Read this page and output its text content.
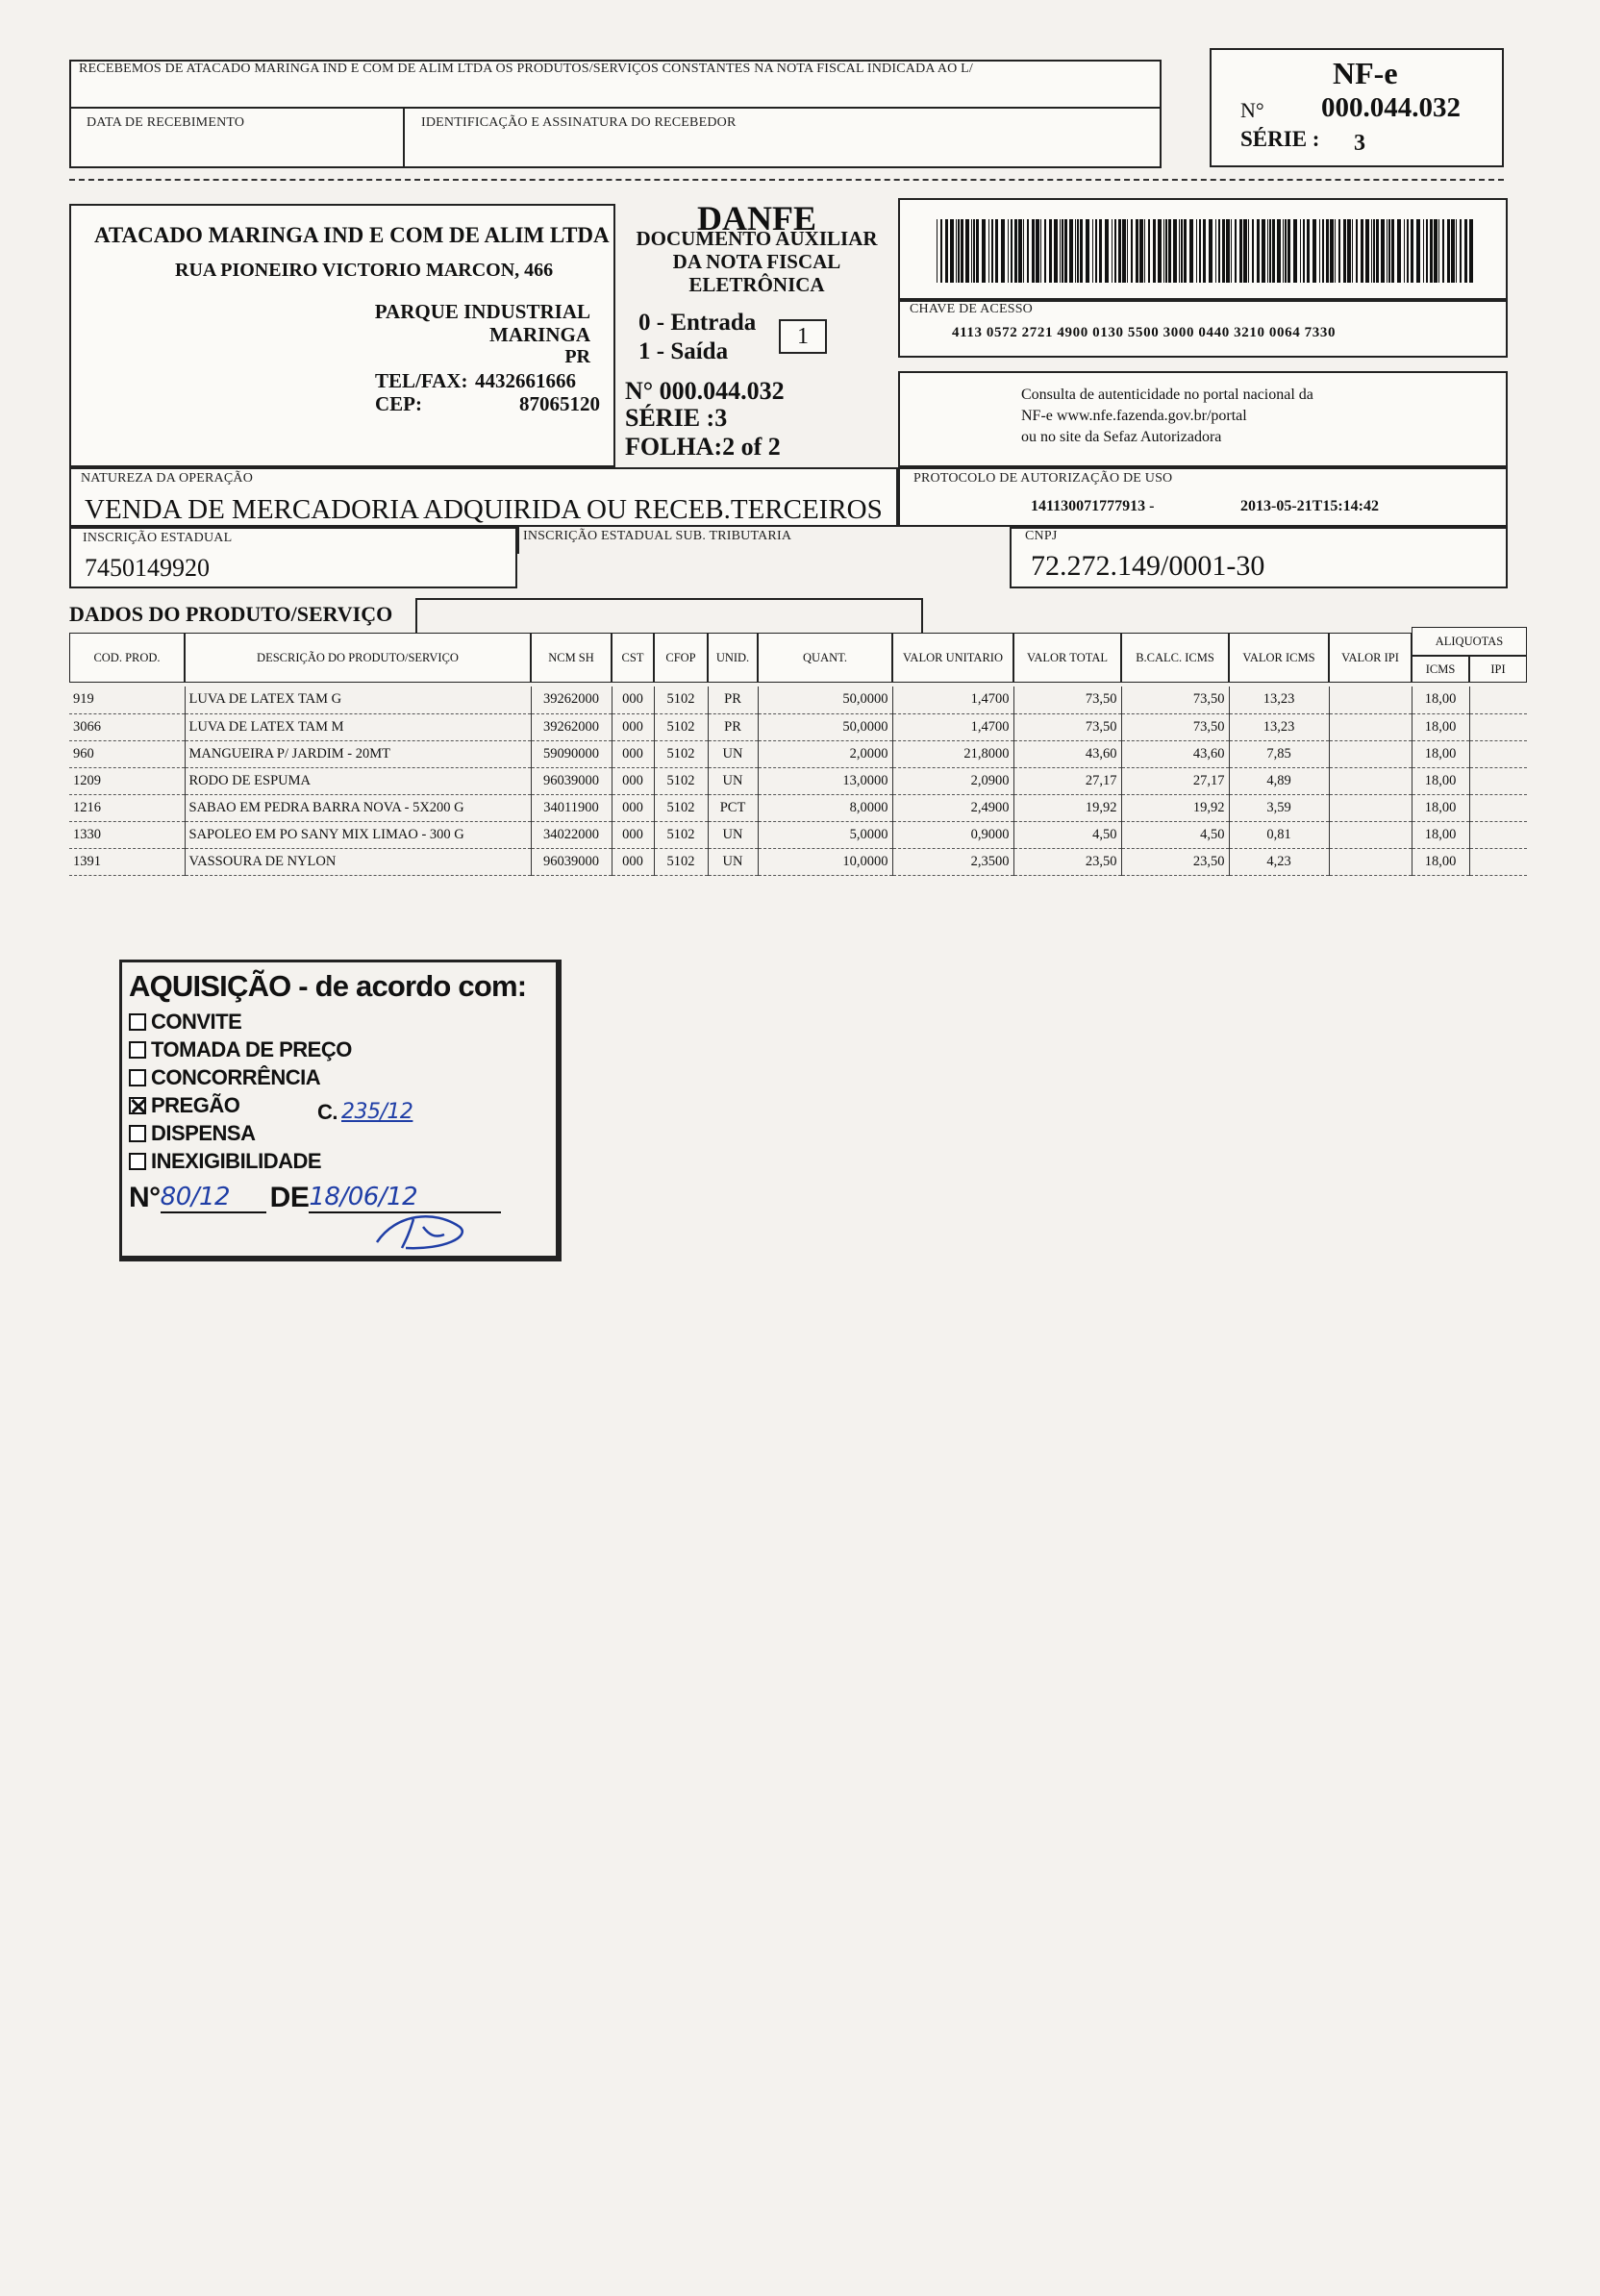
RECEBEMOS DE ATACADO MARINGA IND E COM DE ALIM LTDA OS PRODUTOS/SERVIÇOS CONSTANTES NA NOTA FISCAL INDICADA AO L/
DATA DE RECEBIMENTO	IDENTIFICAÇÃO E ASSINATURA DO RECEBEDOR
NF-e
N° 000.044.032
SÉRIE : 3
ATACADO MARINGA IND E COM DE ALIM LTDA
RUA PIONEIRO VICTORIO MARCON, 466
PARQUE INDUSTRIAL
MARINGA
PR
TEL/FAX: 4432661666
CEP:	87065120
DANFE
DOCUMENTO AUXILIAR
DA NOTA FISCAL
ELETRÔNICA
0 - Entrada
1 - Saída
1
N° 000.044.032
SÉRIE :3
FOLHA:2 of 2
CHAVE DE ACESSO
4113 0572 2721 4900 0130 5500 3000 0440 3210 0064 7330
Consulta de autenticidade no portal nacional da
NF-e www.nfe.fazenda.gov.br/portal
ou no site da Sefaz Autorizadora
NATUREZA DA OPERAÇÃO
VENDA DE MERCADORIA ADQUIRIDA OU RECEB.TERCEIROS
PROTOCOLO DE AUTORIZAÇÃO DE USO
141130071777913 -	2013-05-21T15:14:42
INSCRIÇÃO ESTADUAL
7450149920
INSCRIÇÃO ESTADUAL SUB. TRIBUTARIA	CNPJ
72.272.149/0001-30
DADOS DO PRODUTO/SERVIÇO
COD. PROD.	DESCRIÇÃO DO PRODUTO/SERVIÇO	NCM SH	CST	CFOP	UNID.	QUANT.	VALOR UNITARIO	VALOR TOTAL	B.CALC. ICMS	VALOR ICMS	VALOR IPI
ALIQUOTAS
ICMS	IPI
919	LUVA DE LATEX TAM G	39262000	000	5102	PR	50,0000	1,4700	73,50	73,50	13,23		18,00	
3066	LUVA DE LATEX TAM M	39262000	000	5102	PR	50,0000	1,4700	73,50	73,50	13,23		18,00	
960	MANGUEIRA P/ JARDIM - 20MT	59090000	000	5102	UN	2,0000	21,8000	43,60	43,60	7,85		18,00	
1209	RODO DE ESPUMA	96039000	000	5102	UN	13,0000	2,0900	27,17	27,17	4,89		18,00	
1216	SABAO EM PEDRA BARRA NOVA - 5X200 G	34011900	000	5102	PCT	8,0000	2,4900	19,92	19,92	3,59		18,00	
1330	SAPOLEO EM PO SANY MIX LIMAO - 300 G	34022000	000	5102	UN	5,0000	0,9000	4,50	4,50	0,81		18,00	
1391	VASSOURA DE NYLON	96039000	000	5102	UN	10,0000	2,3500	23,50	23,50	4,23		18,00	
AQUISIÇÃO - de acordo com:
CONVITE
TOMADA DE PREÇO
CONCORRÊNCIA
PREGÃO
DISPENSA
INEXIGIBILIDADE
C. 235/12
N° 80/12	DE 18/06/12
